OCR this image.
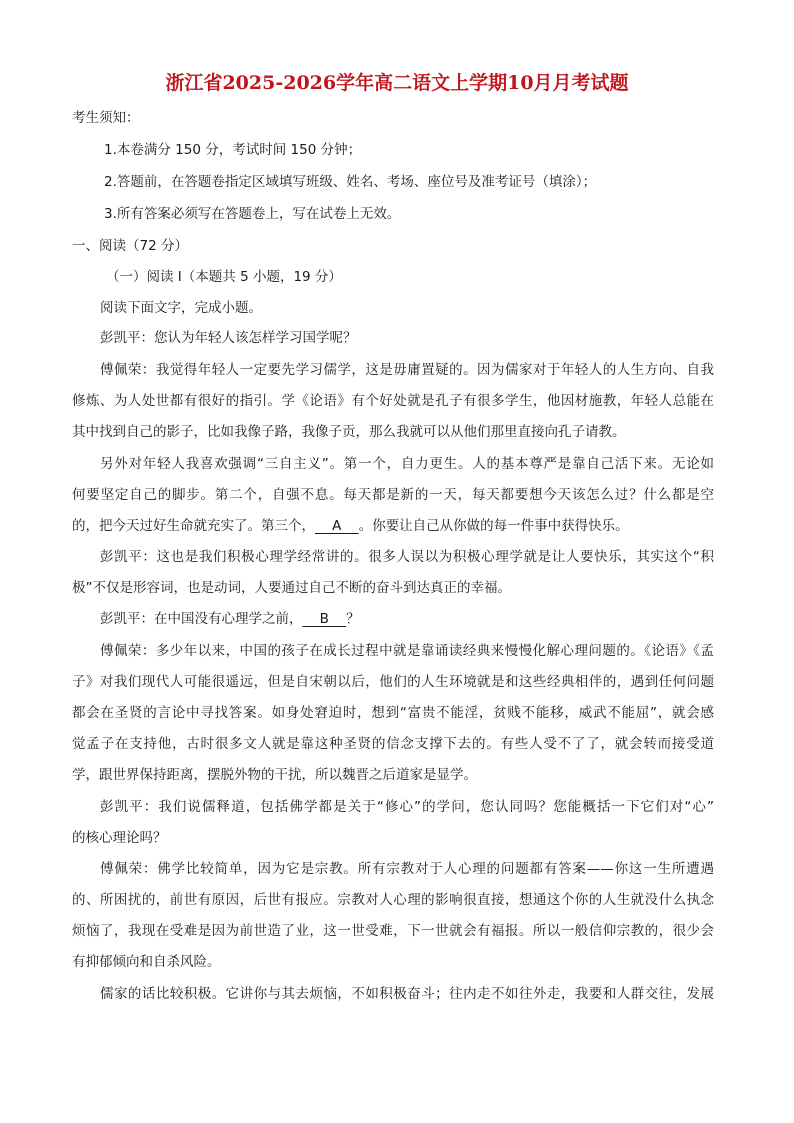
浙江省2025-2026学年高二语文上学期10月月考试题
考生须知：
1.本卷满分 150 分，考试时间 150 分钟；
2.答题前，在答题卷指定区域填写班级、姓名、考场、座位号及准考证号（填涂）；
3.所有答案必须写在答题卷上，写在试卷上无效。
一、阅读（72 分）
（一）阅读 I（本题共 5 小题，19 分）
阅读下面文字，完成小题。
彭凯平：您认为年轻人该怎样学习国学呢？
傅佩荣：我觉得年轻人一定要先学习儒学，这是毋庸置疑的。因为儒家对于年轻人的人生方向、自我
修炼、为人处世都有很好的指引。学《论语》有个好处就是孔子有很多学生，他因材施教，年轻人总能在
其中找到自己的影子，比如我像子路，我像子贡，那么我就可以从他们那里直接向孔子请教。
另外对年轻人我喜欢强调“三自主义”。第一个，自力更生。人的基本尊严是靠自己活下来。无论如
何要坚定自己的脚步。第二个，自强不息。每天都是新的一天，每天都要想今天该怎么过？什么都是空
的，把今天过好生命就充实了。第三个，    A    。你要让自己从你做的每一件事中获得快乐。
彭凯平：这也是我们积极心理学经常讲的。很多人误以为积极心理学就是让人要快乐，其实这个“积
极”不仅是形容词，也是动词，人要通过自己不断的奋斗到达真正的幸福。
彭凯平：在中国没有心理学之前，    B    ？
傅佩荣：多少年以来，中国的孩子在成长过程中就是靠诵读经典来慢慢化解心理问题的。《论语》《孟
子》对我们现代人可能很遥远，但是自宋朝以后，他们的人生环境就是和这些经典相伴的，遇到任何问题
都会在圣贤的言论中寻找答案。如身处窘迫时，想到“富贵不能淫，贫贱不能移，威武不能屈”，就会感
觉孟子在支持他，古时很多文人就是靠这种圣贤的信念支撑下去的。有些人受不了了，就会转而接受道
学，跟世界保持距离，摆脱外物的干扰，所以魏晋之后道家是显学。
彭凯平：我们说儒释道，包括佛学都是关于“修心”的学问，您认同吗？您能概括一下它们对“心”
的核心理论吗？
傅佩荣：佛学比较简单，因为它是宗教。所有宗教对于人心理的问题都有答案——你这一生所遭遇
的、所困扰的，前世有原因，后世有报应。宗教对人心理的影响很直接，想通这个你的人生就没什么执念
烦恼了，我现在受难是因为前世造了业，这一世受难，下一世就会有福报。所以一般信仰宗教的，很少会
有抑郁倾向和自杀风险。
儒家的话比较积极。它讲你与其去烦恼，不如积极奋斗；往内走不如往外走，我要和人群交往，发展
